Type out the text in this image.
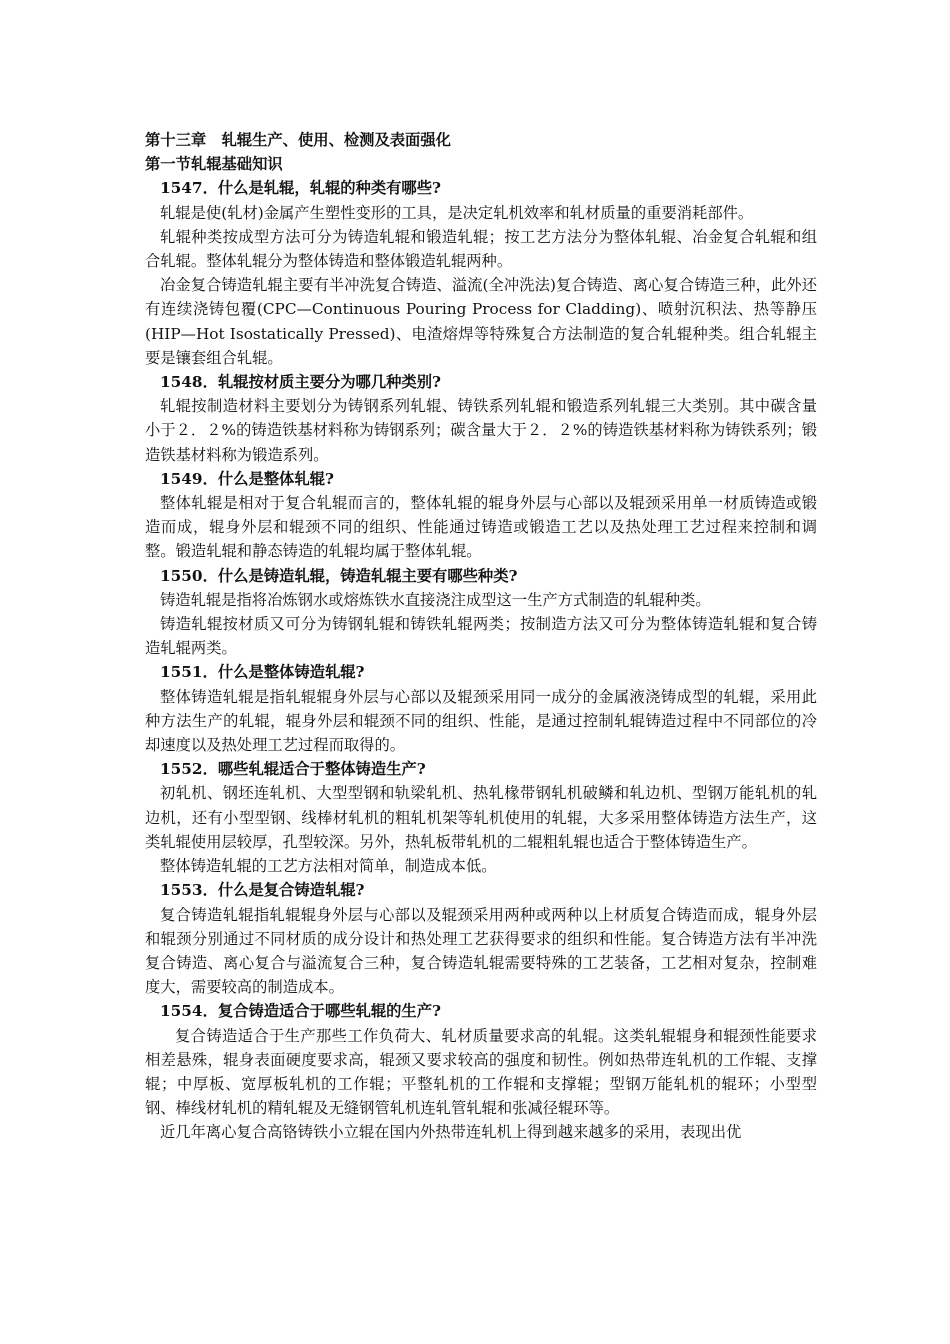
第十三章　轧辊生产、使用、检测及表面强化

第一节轧辊基础知识

1547．什么是轧辊，轧辊的种类有哪些?

轧辊是使(轧材)金属产生塑性变形的工具，是决定轧机效率和轧材质量的重要消耗部件。

轧辊种类按成型方法可分为铸造轧辊和锻造轧辊；按工艺方法分为整体轧辊、冶金复合轧辊和组合轧辊。整体轧辊分为整体铸造和整体锻造轧辊两种。

冶金复合铸造轧辊主要有半冲洗复合铸造、溢流(全冲洗法)复合铸造、离心复合铸造三种，此外还有连续浇铸包覆(CPC—Continuous Pouring Process for Cladding)、喷射沉积法、热等静压(HIP—Hot Isostatically Pressed)、电渣熔焊等特殊复合方法制造的复合轧辊种类。组合轧辊主要是镶套组合轧辊。

1548．轧辊按材质主要分为哪几种类别?

轧辊按制造材料主要划分为铸钢系列轧辊、铸铁系列轧辊和锻造系列轧辊三大类别。其中碳含量小于２．２%的铸造铁基材料称为铸钢系列；碳含量大于２．２%的铸造铁基材料称为铸铁系列；锻造铁基材料称为锻造系列。

1549．什么是整体轧辊?

整体轧辊是相对于复合轧辊而言的，整体轧辊的辊身外层与心部以及辊颈采用单一材质铸造或锻造而成，辊身外层和辊颈不同的组织、性能通过铸造或锻造工艺以及热处理工艺过程来控制和调整。锻造轧辊和静态铸造的轧辊均属于整体轧辊。

1550．什么是铸造轧辊，铸造轧辊主要有哪些种类?

铸造轧辊是指将冶炼钢水或熔炼铁水直接浇注成型这一生产方式制造的轧辊种类。

铸造轧辊按材质又可分为铸钢轧辊和铸铁轧辊两类；按制造方法又可分为整体铸造轧辊和复合铸造轧辊两类。

1551．什么是整体铸造轧辊?

整体铸造轧辊是指轧辊辊身外层与心部以及辊颈采用同一成分的金属液浇铸成型的轧辊，采用此种方法生产的轧辊，辊身外层和辊颈不同的组织、性能，是通过控制轧辊铸造过程中不同部位的冷却速度以及热处理工艺过程而取得的。

1552．哪些轧辊适合于整体铸造生产?

初轧机、钢坯连轧机、大型型钢和轨梁轧机、热轧椽带钢轧机破鳞和轧边机、型钢万能轧机的轧边机，还有小型型钢、线棒材轧机的粗轧机架等轧机使用的轧辊，大多采用整体铸造方法生产，这类轧辊使用层较厚，孔型较深。另外，热轧板带轧机的二辊粗轧辊也适合于整体铸造生产。

整体铸造轧辊的工艺方法相对简单，制造成本低。

1553．什么是复合铸造轧辊?

复合铸造轧辊指轧辊辊身外层与心部以及辊颈采用两种或两种以上材质复合铸造而成，辊身外层和辊颈分别通过不同材质的成分设计和热处理工艺获得要求的组织和性能。复合铸造方法有半冲洗复合铸造、离心复合与溢流复合三种，复合铸造轧辊需要特殊的工艺装备，工艺相对复杂，控制难度大，需要较高的制造成本。

1554．复合铸造适合于哪些轧辊的生产?

复合铸造适合于生产那些工作负荷大、轧材质量要求高的轧辊。这类轧辊辊身和辊颈性能要求相差悬殊，辊身表面硬度要求高，辊颈又要求较高的强度和韧性。例如热带连轧机的工作辊、支撑辊；中厚板、宽厚板轧机的工作辊；平整轧机的工作辊和支撑辊；型钢万能轧机的辊环；小型型钢、棒线材轧机的精轧辊及无缝钢管轧机连轧管轧辊和张减径辊环等。

近几年离心复合高铬铸铁小立辊在国内外热带连轧机上得到越来越多的采用，表现出优
